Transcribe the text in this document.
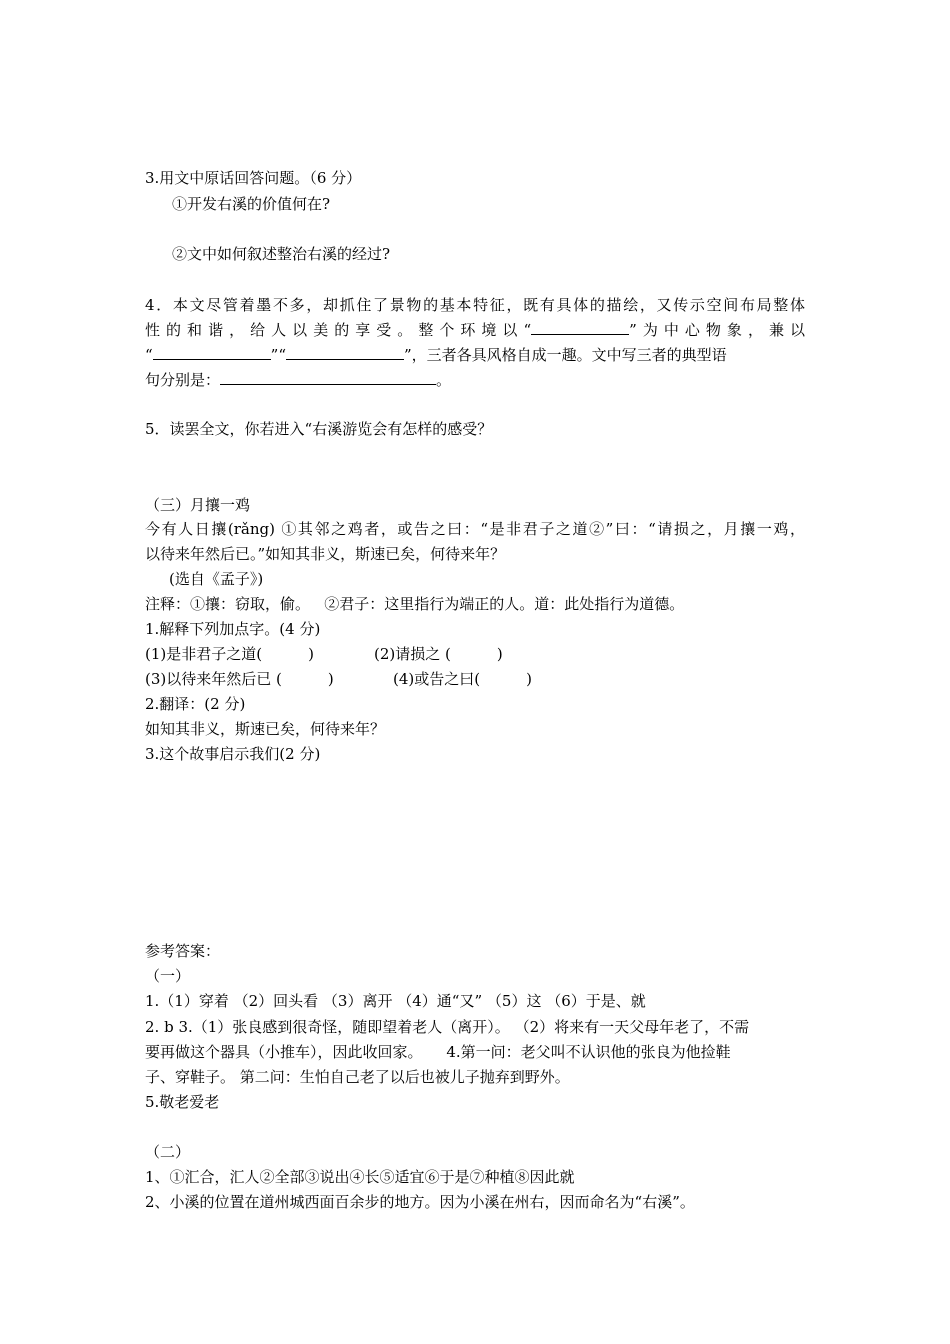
3.用文中原话回答问题。（6 分）
①开发右溪的价值何在?
②文中如何叙述整治右溪的经过?
4．本文尽管着墨不多，却抓住了景物的基本特征，既有具体的描绘，又传示空间布局整体
性的和谐，给人以美的享受。整个环境以“	”为中心物象，兼以
“	”“	”，三者各具风格自成一趣。文中写三者的典型语
句分别是：	。
5．读罢全文，你若进入“右溪游览会有怎样的感受？
（三）月攘一鸡
今有人日攘(rǎng) ①其邻之鸡者，或告之曰：“是非君子之道②”曰：“请损之，月攘一鸡，
以待来年然后已。”如知其非义，斯速已矣，何待来年？
(选自《孟子》)
注释：①攘：窃取，偷。   ②君子：这里指行为端正的人。道：此处指行为道德。
1.解释下列加点字。(4 分)
(1)是非君子之道(	)	(2)请损之 (	)
(3)以待来年然后已 (	)	(4)或告之曰(	)
2.翻译：(2 分)
如知其非义，斯速已矣，何待来年？
3.这个故事启示我们(2 分)
参考答案：
（一）
1.（1）穿着 （2）回头看 （3）离开 （4）通“又” （5）这 （6）于是、就
2. b 3.（1）张良感到很奇怪，随即望着老人（离开）。 （2）将来有一天父母年老了，不需
要再做这个器具（小推车），因此收回家。     4.第一问：老父叫不认识他的张良为他捡鞋
子、穿鞋子。 第二问：生怕自己老了以后也被儿子抛弃到野外。
5.敬老爱老
（二）
1、①汇合，汇人②全部③说出④长⑤适宜⑥于是⑦种植⑧因此就
2、小溪的位置在道州城西面百余步的地方。因为小溪在州右，因而命名为“右溪”。
